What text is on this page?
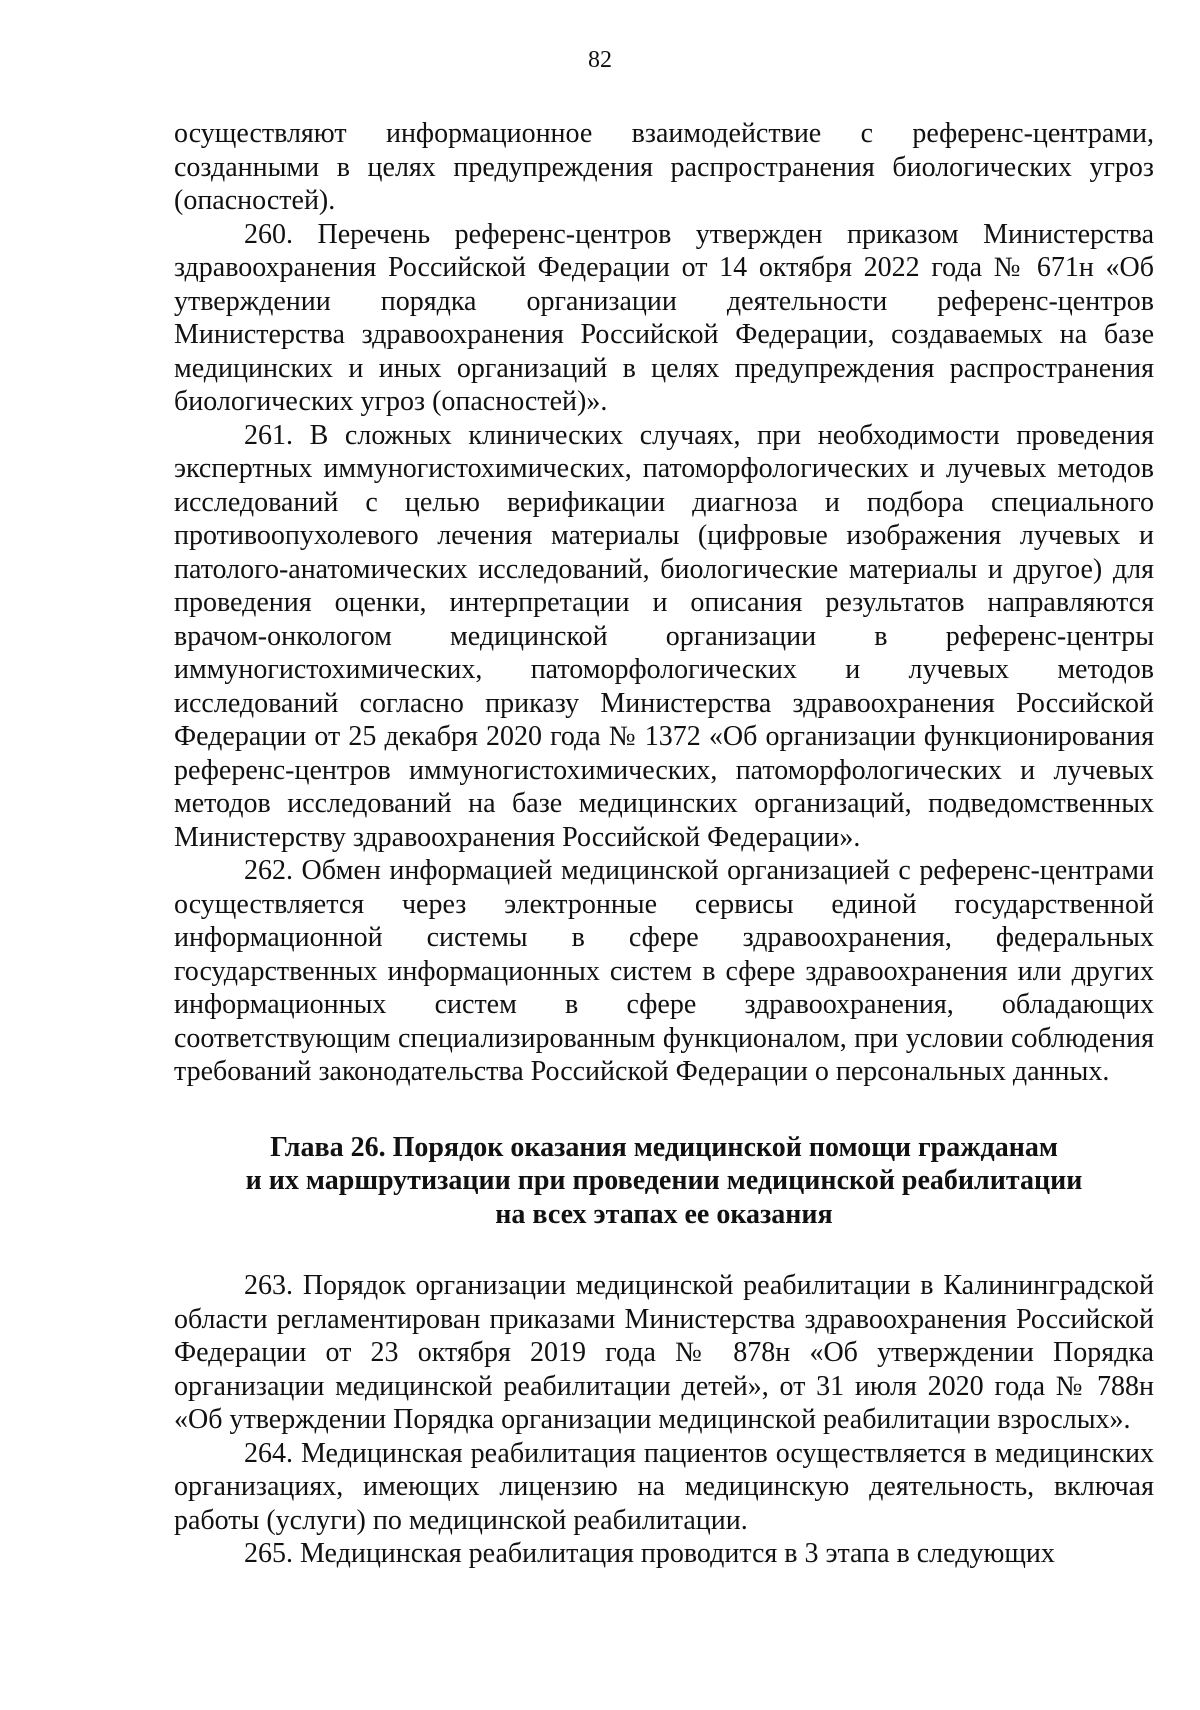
82

осуществляют информационное взаимодействие с референс-центрами, созданными в целях предупреждения распространения биологических угроз (опасностей).

260. Перечень референс-центров утвержден приказом Министерства здравоохранения Российской Федерации от 14 октября 2022 года № 671н «Об утверждении порядка организации деятельности референс-центров Министерства здравоохранения Российской Федерации, создаваемых на базе медицинских и иных организаций в целях предупреждения распространения биологических угроз (опасностей)».

261. В сложных клинических случаях, при необходимости проведения экспертных иммуногистохимических, патоморфологических и лучевых методов исследований с целью верификации диагноза и подбора специального противоопухолевого лечения материалы (цифровые изображения лучевых и патолого-анатомических исследований, биологические материалы и другое) для проведения оценки, интерпретации и описания результатов направляются врачом-онкологом медицинской организации в референс-центры иммуногистохимических, патоморфологических и лучевых методов исследований согласно приказу Министерства здравоохранения Российской Федерации от 25 декабря 2020 года № 1372 «Об организации функционирования референс-центров иммуногистохимических, патоморфологических и лучевых методов исследований на базе медицинских организаций, подведомственных Министерству здравоохранения Российской Федерации».

262. Обмен информацией медицинской организацией с референс-центрами осуществляется через электронные сервисы единой государственной информационной системы в сфере здравоохранения, федеральных государственных информационных систем в сфере здравоохранения или других информационных систем в сфере здравоохранения, обладающих соответствующим специализированным функционалом, при условии соблюдения требований законодательства Российской Федерации о персональных данных.

Глава 26. Порядок оказания медицинской помощи гражданам
и их маршрутизации при проведении медицинской реабилитации
на всех этапах ее оказания

263. Порядок организации медицинской реабилитации в Калининградской области регламентирован приказами Министерства здравоохранения Российской Федерации от 23 октября 2019 года № 878н «Об утверждении Порядка организации медицинской реабилитации детей», от 31 июля 2020 года № 788н «Об утверждении Порядка организации медицинской реабилитации взрослых».

264. Медицинская реабилитация пациентов осуществляется в медицинских организациях, имеющих лицензию на медицинскую деятельность, включая работы (услуги) по медицинской реабилитации.

265. Медицинская реабилитация проводится в 3 этапа в следующих
